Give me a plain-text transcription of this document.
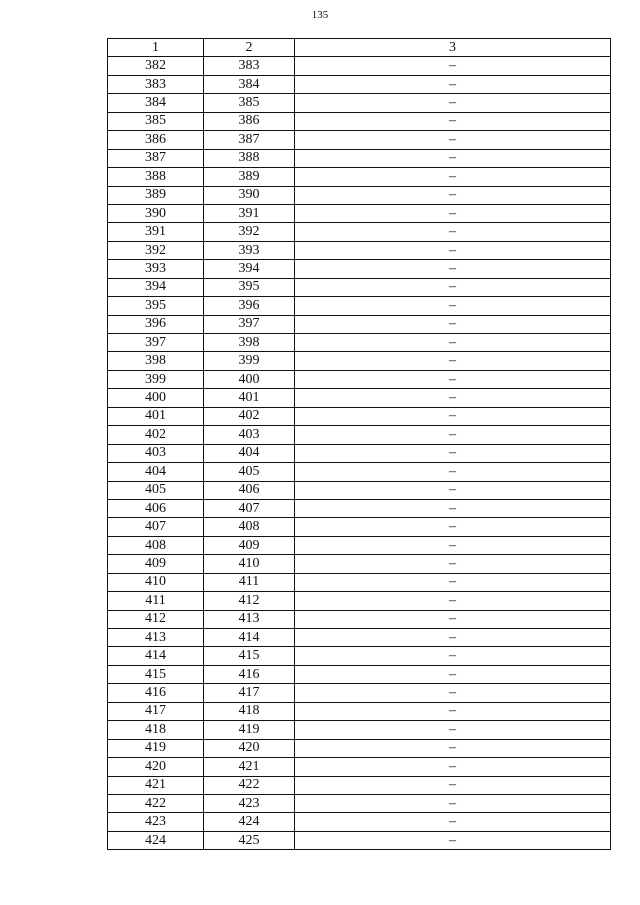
135
1	2	3
382	383	–
383	384	–
384	385	–
385	386	–
386	387	–
387	388	–
388	389	–
389	390	–
390	391	–
391	392	–
392	393	–
393	394	–
394	395	–
395	396	–
396	397	–
397	398	–
398	399	–
399	400	–
400	401	–
401	402	–
402	403	–
403	404	–
404	405	–
405	406	–
406	407	–
407	408	–
408	409	–
409	410	–
410	411	–
411	412	–
412	413	–
413	414	–
414	415	–
415	416	–
416	417	–
417	418	–
418	419	–
419	420	–
420	421	–
421	422	–
422	423	–
423	424	–
424	425	–
